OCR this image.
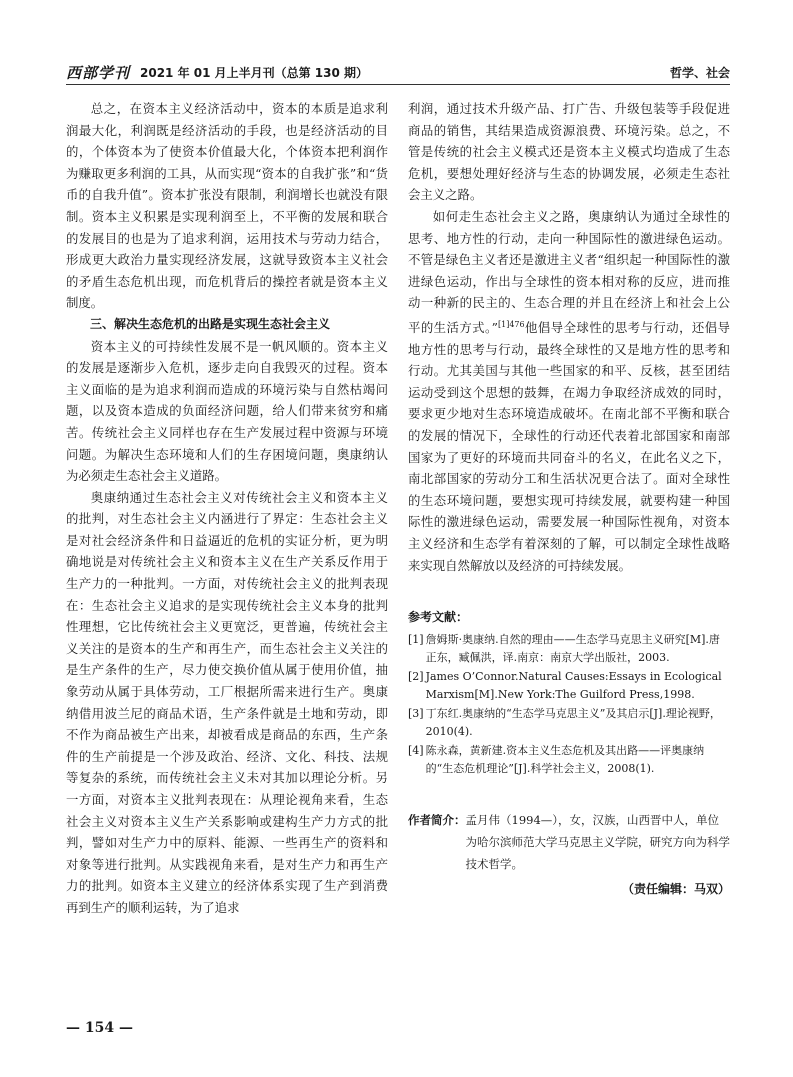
西部学刊 2021 年 01 月上半月刊（总第 130 期）	哲学、社会

总之，在资本主义经济活动中，资本的本质是追求利润最大化，利润既是经济活动的手段，也是经济活动的目的，个体资本为了使资本价值最大化，个体资本把利润作为赚取更多利润的工具，从而实现“资本的自我扩张”和“货币的自我升值”。资本扩张没有限制，利润增长也就没有限制。资本主义积累是实现利润至上，不平衡的发展和联合的发展目的也是为了追求利润，运用技术与劳动力结合，形成更大政治力量实现经济发展，这就导致资本主义社会的矛盾生态危机出现，而危机背后的操控者就是资本主义制度。

三、解决生态危机的出路是实现生态社会主义

资本主义的可持续性发展不是一帆风顺的。资本主义的发展是逐渐步入危机，逐步走向自我毁灭的过程。资本主义面临的是为追求利润而造成的环境污染与自然枯竭问题，以及资本造成的负面经济问题，给人们带来贫穷和痛苦。传统社会主义同样也存在生产发展过程中资源与环境问题。为解决生态环境和人们的生存困境问题，奥康纳认为必须走生态社会主义道路。

奥康纳通过生态社会主义对传统社会主义和资本主义的批判，对生态社会主义内涵进行了界定：生态社会主义是对社会经济条件和日益逼近的危机的实证分析，更为明确地说是对传统社会主义和资本主义在生产关系反作用于生产力的一种批判。一方面，对传统社会主义的批判表现在：生态社会主义追求的是实现传统社会主义本身的批判性理想，它比传统社会主义更宽泛，更普遍，传统社会主义关注的是资本的生产和再生产，而生态社会主义关注的是生产条件的生产，尽力使交换价值从属于使用价值，抽象劳动从属于具体劳动，工厂根据所需来进行生产。奥康纳借用波兰尼的商品术语，生产条件就是土地和劳动，即不作为商品被生产出来，却被看成是商品的东西，生产条件的生产前提是一个涉及政治、经济、文化、科技、法规等复杂的系统，而传统社会主义未对其加以理论分析。另一方面，对资本主义批判表现在：从理论视角来看，生态社会主义对资本主义生产关系影响或建构生产力方式的批判，譬如对生产力中的原料、能源、一些再生产的资料和对象等进行批判。从实践视角来看，是对生产力和再生产力的批判。如资本主义建立的经济体系实现了生产到消费再到生产的顺利运转，为了追求

利润，通过技术升级产品、打广告、升级包装等手段促进商品的销售，其结果造成资源浪费、环境污染。总之，不管是传统的社会主义模式还是资本主义模式均造成了生态危机，要想处理好经济与生态的协调发展，必须走生态社会主义之路。

如何走生态社会主义之路，奥康纳认为通过全球性的思考、地方性的行动，走向一种国际性的激进绿色运动。不管是绿色主义者还是激进主义者“组织起一种国际性的激进绿色运动，作出与全球性的资本相对称的反应，进而推动一种新的民主的、生态合理的并且在经济上和社会上公平的生活方式。”$^{[1]476}$他倡导全球性的思考与行动，还倡导地方性的思考与行动，最终全球性的又是地方性的思考和行动。尤其美国与其他一些国家的和平、反核，甚至团结运动受到这个思想的鼓舞，在竭力争取经济成效的同时，要求更少地对生态环境造成破坏。在南北部不平衡和联合的发展的情况下，全球性的行动还代表着北部国家和南部国家为了更好的环境而共同奋斗的名义，在此名义之下，南北部国家的劳动分工和生活状况更合法了。面对全球性的生态环境问题，要想实现可持续发展，就要构建一种国际性的激进绿色运动，需要发展一种国际性视角，对资本主义经济和生态学有着深刻的了解，可以制定全球性战略来实现自然解放以及经济的可持续发展。

参考文献：
[1] 詹姆斯·奥康纳.自然的理由——生态学马克思主义研究[M].唐正东，臧佩洪，译.南京：南京大学出版社，2003.
[2] James O’Connor.Natural Causes:Essays in Ecological Marxism[M].New York:The Guilford Press,1998.
[3] 丁东红.奥康纳的“生态学马克思主义”及其启示[J].理论视野，2010(4).
[4] 陈永森，黄新建.资本主义生态危机及其出路——评奥康纳的“生态危机理论”[J].科学社会主义，2008(1).
作者简介： 孟月伟（1994—），女，汉族，山西晋中人，单位为哈尔滨师范大学马克思主义学院，研究方向为科学技术哲学。
（责任编辑：马双）
— 154 —
